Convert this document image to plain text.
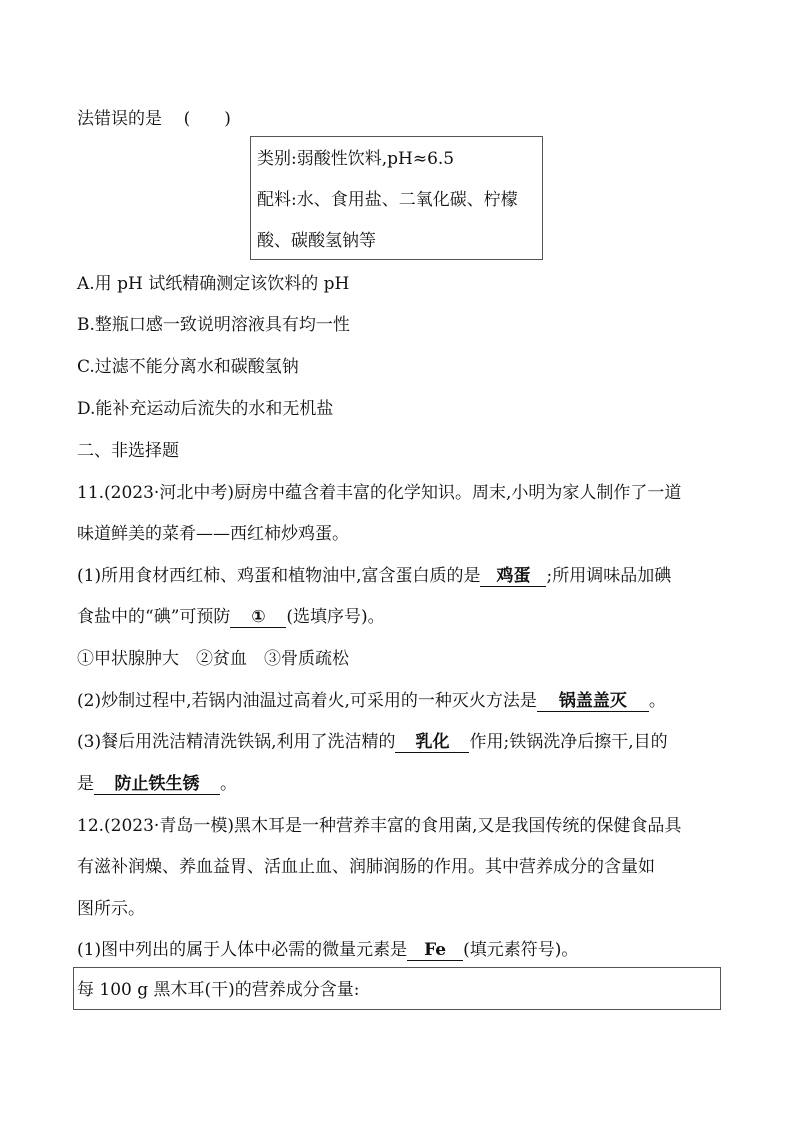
法错误的是 (　　)
类别:弱酸性饮料,pH≈6.5
配料:水、食用盐、二氧化碳、柠檬
酸、碳酸氢钠等
A.用 pH 试纸精确测定该饮料的 pH
B.整瓶口感一致说明溶液具有均一性
C.过滤不能分离水和碳酸氢钠
D.能补充运动后流失的水和无机盐
二、非选择题
11.(2023·河北中考)厨房中蕴含着丰富的化学知识。周末,小明为家人制作了一道
味道鲜美的菜肴——西红柿炒鸡蛋。
(1)所用食材西红柿、鸡蛋和植物油中,富含蛋白质的是 鸡蛋 ;所用调味品加碘
食盐中的“碘”可预防 ① (选填序号)。
①甲状腺肿大　②贫血　③骨质疏松
(2)炒制过程中,若锅内油温过高着火,可采用的一种灭火方法是 锅盖盖灭 。
(3)餐后用洗洁精清洗铁锅,利用了洗洁精的 乳化 作用;铁锅洗净后擦干,目的
是 防止铁生锈 。
12.(2023·青岛一模)黑木耳是一种营养丰富的食用菌,又是我国传统的保健食品具
有滋补润燥、养血益胃、活血止血、润肺润肠的作用。其中营养成分的含量如
图所示。
(1)图中列出的属于人体中必需的微量元素是 Fe (填元素符号)。
每 100 g 黑木耳(干)的营养成分含量:
